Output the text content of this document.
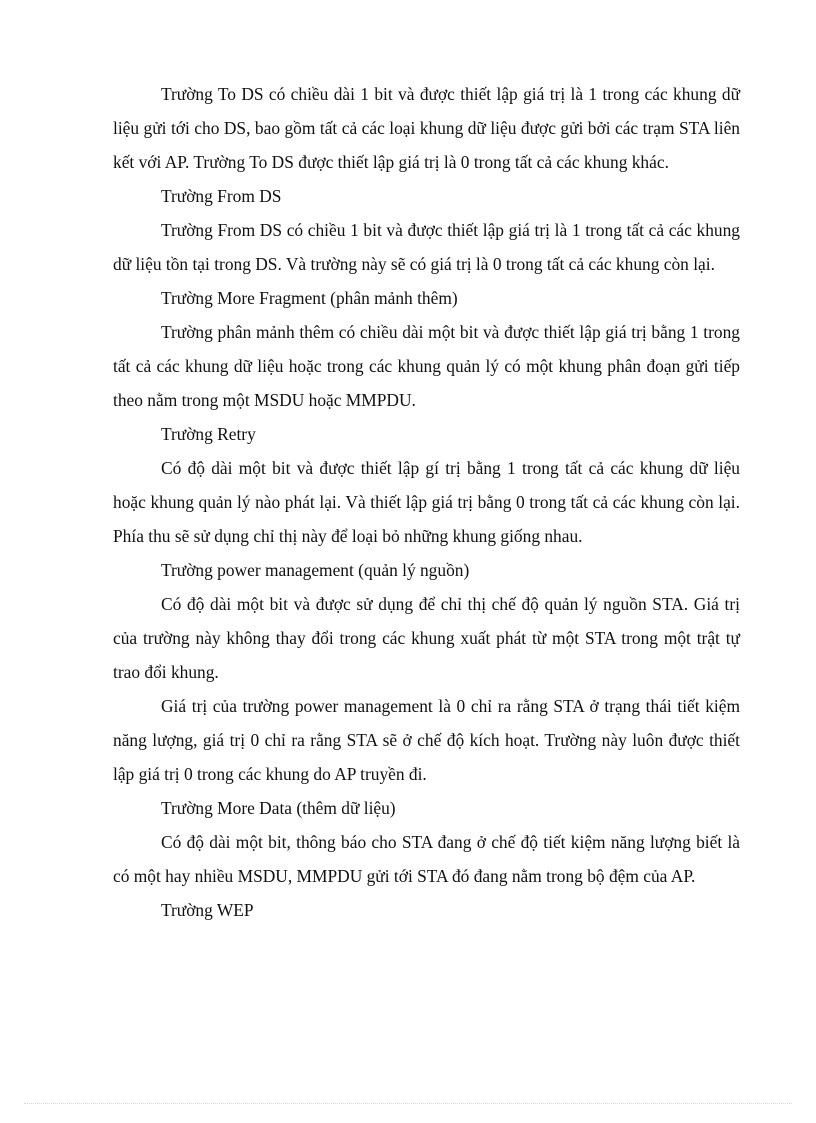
Trường To DS có chiều dài 1 bit và được thiết lập giá trị là 1 trong các khung dữ liệu gửi tới cho DS, bao gồm tất cả các loại khung dữ liệu được gửi bởi các trạm STA liên kết với AP. Trường To DS được thiết lập giá trị là 0 trong tất cả các khung khác.

Trường From DS

Trường From DS có chiều 1 bit và được thiết lập giá trị là 1 trong tất cả các khung dữ liệu tồn tại trong DS. Và trường này sẽ có giá trị là 0 trong tất cả các khung còn lại.

Trường More Fragment (phân mảnh thêm)

Trường phân mảnh thêm có chiều dài một bit và được thiết lập giá trị bằng 1 trong tất cả các khung dữ liệu hoặc trong các khung quản lý có một khung phân đoạn gửi tiếp theo nằm trong một MSDU hoặc MMPDU.

Trường Retry

Có độ dài một bit và được thiết lập gí trị bằng 1 trong tất cả các khung dữ liệu hoặc khung quản lý nào phát lại. Và thiết lập giá trị bằng 0 trong tất cả các khung còn lại. Phía thu sẽ sử dụng chỉ thị này để loại bỏ những khung giống nhau.

Trường power management (quản lý nguồn)

Có độ dài một bit và được sử dụng để chỉ thị chế độ quản lý nguồn STA. Giá trị của trường này không thay đổi trong các khung xuất phát từ một STA trong một trật tự trao đổi khung.

Giá trị của trường power management là 0 chỉ ra rằng STA ở trạng thái tiết kiệm năng lượng, giá trị 0 chỉ ra rằng STA sẽ ở chế độ kích hoạt. Trường này luôn được thiết lập giá trị 0 trong các khung do AP truyền đi.

Trường More Data (thêm dữ liệu)

Có độ dài một bit, thông báo cho STA đang ở chế độ tiết kiệm năng lượng biết là có một hay nhiều MSDU, MMPDU gửi tới STA đó đang nằm trong bộ đệm của AP.

Trường WEP
